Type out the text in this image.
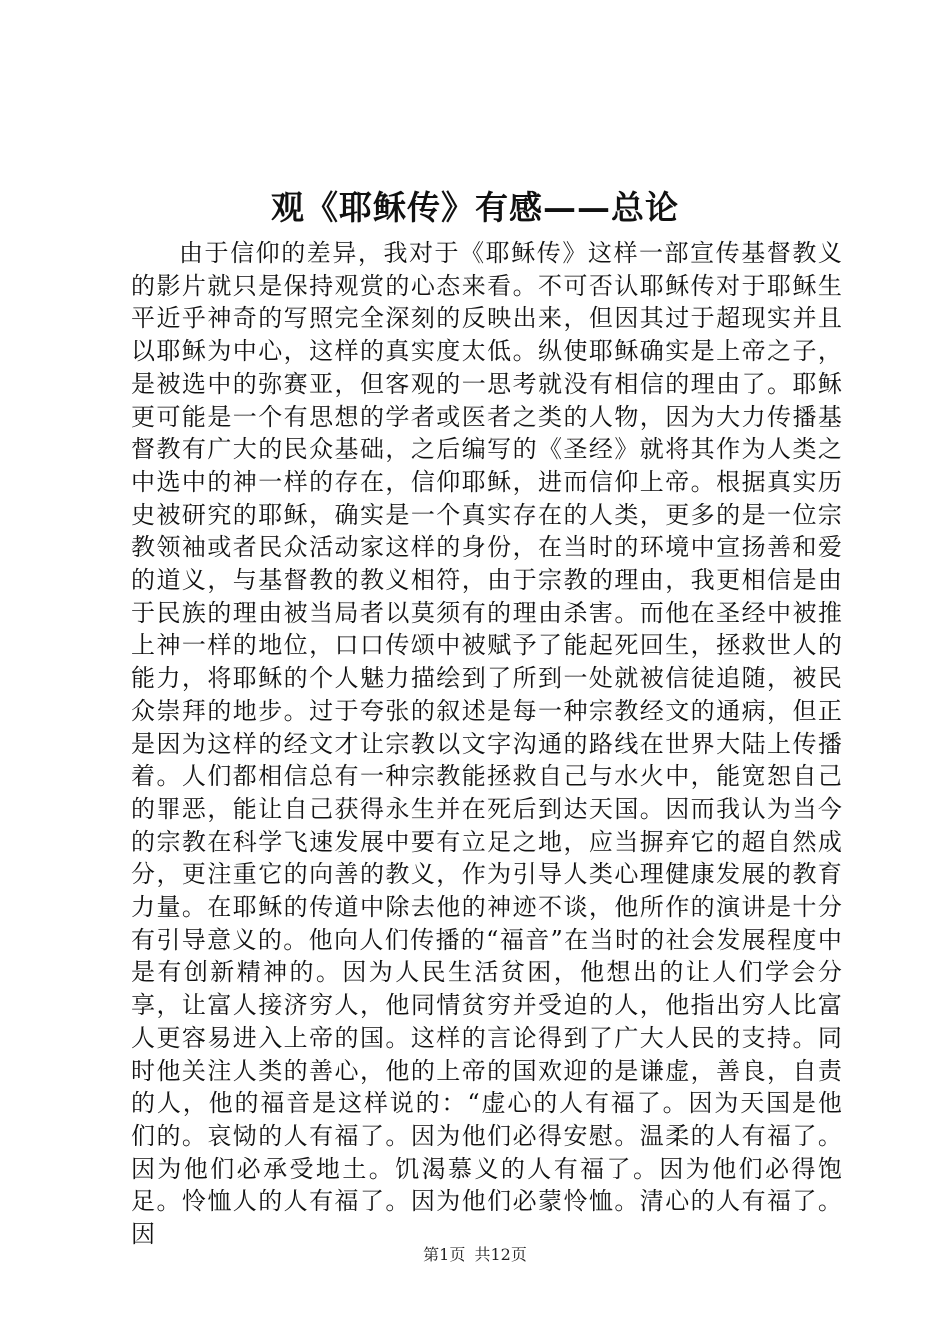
观《耶稣传》有感——总论

由于信仰的差异，我对于《耶稣传》这样一部宣传基督教义的影片就只是保持观赏的心态来看。不可否认耶稣传对于耶稣生平近乎神奇的写照完全深刻的反映出来，但因其过于超现实并且以耶稣为中心，这样的真实度太低。纵使耶稣确实是上帝之子，是被选中的弥赛亚，但客观的一思考就没有相信的理由了。耶稣更可能是一个有思想的学者或医者之类的人物，因为大力传播基督教有广大的民众基础，之后编写的《圣经》就将其作为人类之中选中的神一样的存在，信仰耶稣，进而信仰上帝。根据真实历史被研究的耶稣，确实是一个真实存在的人类，更多的是一位宗教领袖或者民众活动家这样的身份，在当时的环境中宣扬善和爱的道义，与基督教的教义相符，由于宗教的理由，我更相信是由于民族的理由被当局者以莫须有的理由杀害。而他在圣经中被推上神一样的地位，口口传颂中被赋予了能起死回生，拯救世人的能力，将耶稣的个人魅力描绘到了所到一处就被信徒追随，被民众崇拜的地步。过于夸张的叙述是每一种宗教经文的通病，但正是因为这样的经文才让宗教以文字沟通的路线在世界大陆上传播着。人们都相信总有一种宗教能拯救自己与水火中，能宽恕自己的罪恶，能让自己获得永生并在死后到达天国。因而我认为当今的宗教在科学飞速发展中要有立足之地，应当摒弃它的超自然成分，更注重它的向善的教义，作为引导人类心理健康发展的教育力量。在耶稣的传道中除去他的神迹不谈，他所作的演讲是十分有引导意义的。他向人们传播的“福音”在当时的社会发展程度中是有创新精神的。因为人民生活贫困，他想出的让人们学会分享，让富人接济穷人，他同情贫穷并受迫的人，他指出穷人比富人更容易进入上帝的国。这样的言论得到了广大人民的支持。同时他关注人类的善心，他的上帝的国欢迎的是谦虚，善良，自责的人，他的福音是这样说的：“虚心的人有福了。因为天国是他们的。哀恸的人有福了。因为他们必得安慰。温柔的人有福了。因为他们必承受地土。饥渴慕义的人有福了。因为他们必得饱足。怜恤人的人有福了。因为他们必蒙怜恤。清心的人有福了。因

第1页 共12页
